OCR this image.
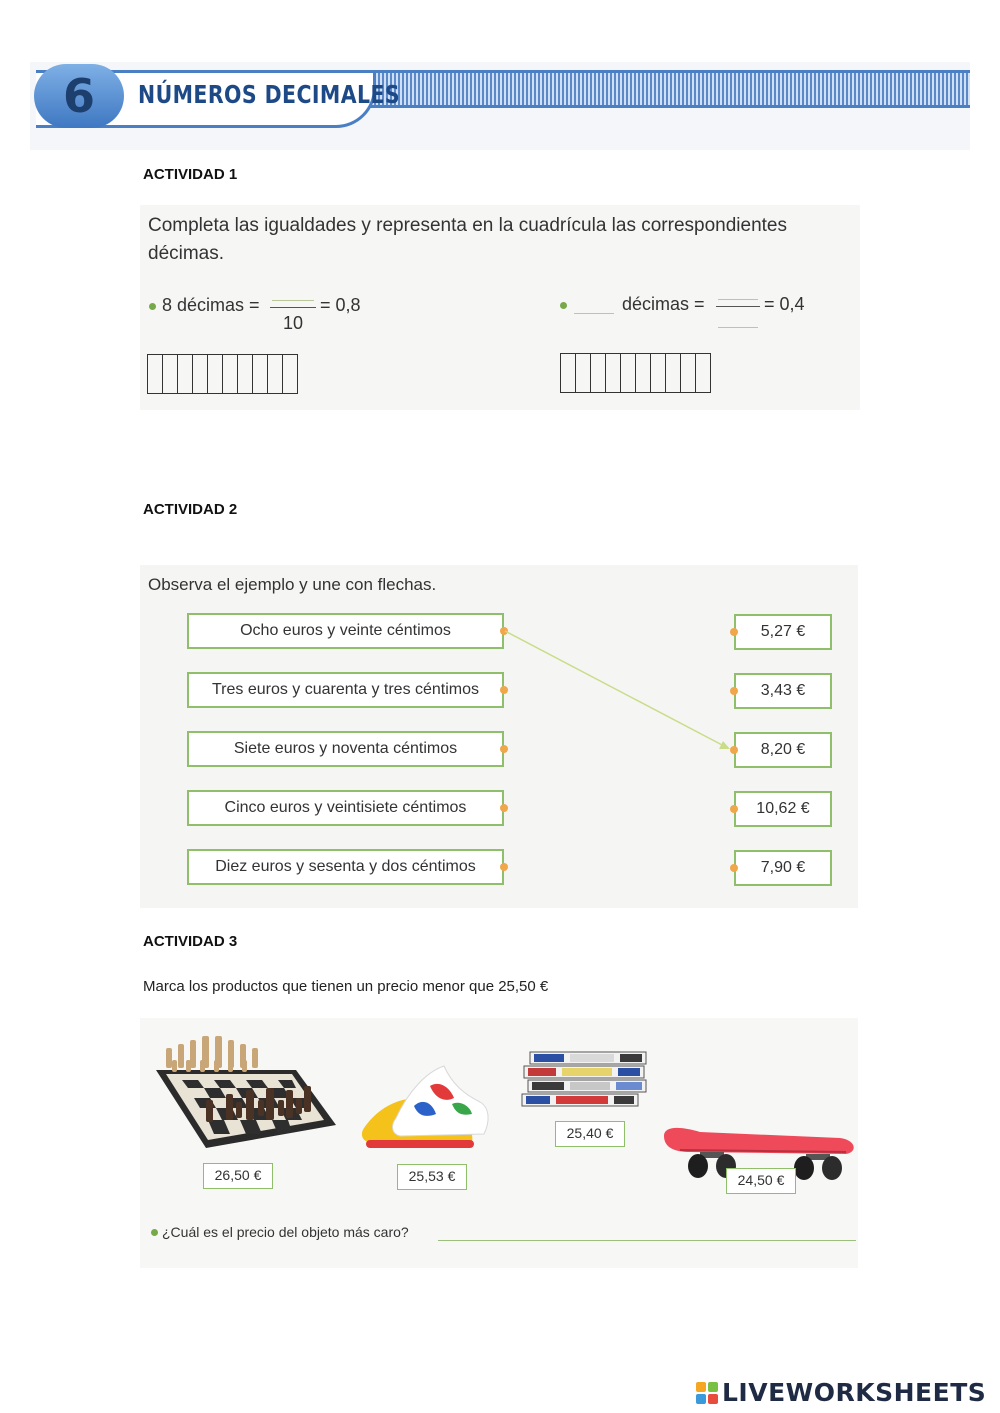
6	NÚMEROS DECIMALES
ACTIVIDAD 1
Completa las igualdades y representa en la cuadrícula las correspondientes
décimas.
8 décimas =
10
= 0,8	décimas =	= 0,4
ACTIVIDAD 2
Observa el ejemplo y une con flechas.
Ocho euros y veinte céntimos
Tres euros y cuarenta y tres céntimos
Siete euros y noventa céntimos
Cinco euros y veintisiete céntimos
Diez euros y sesenta y dos céntimos
5,27 €
3,43 €
8,20 €
10,62 €
7,90 €
ACTIVIDAD 3
Marca los productos que tienen un precio menor que 25,50 €
26,50 €	25,53 €
25,40 €
24,50 €
¿Cuál es el precio del objeto más caro?
LIVEWORKSHEETS
